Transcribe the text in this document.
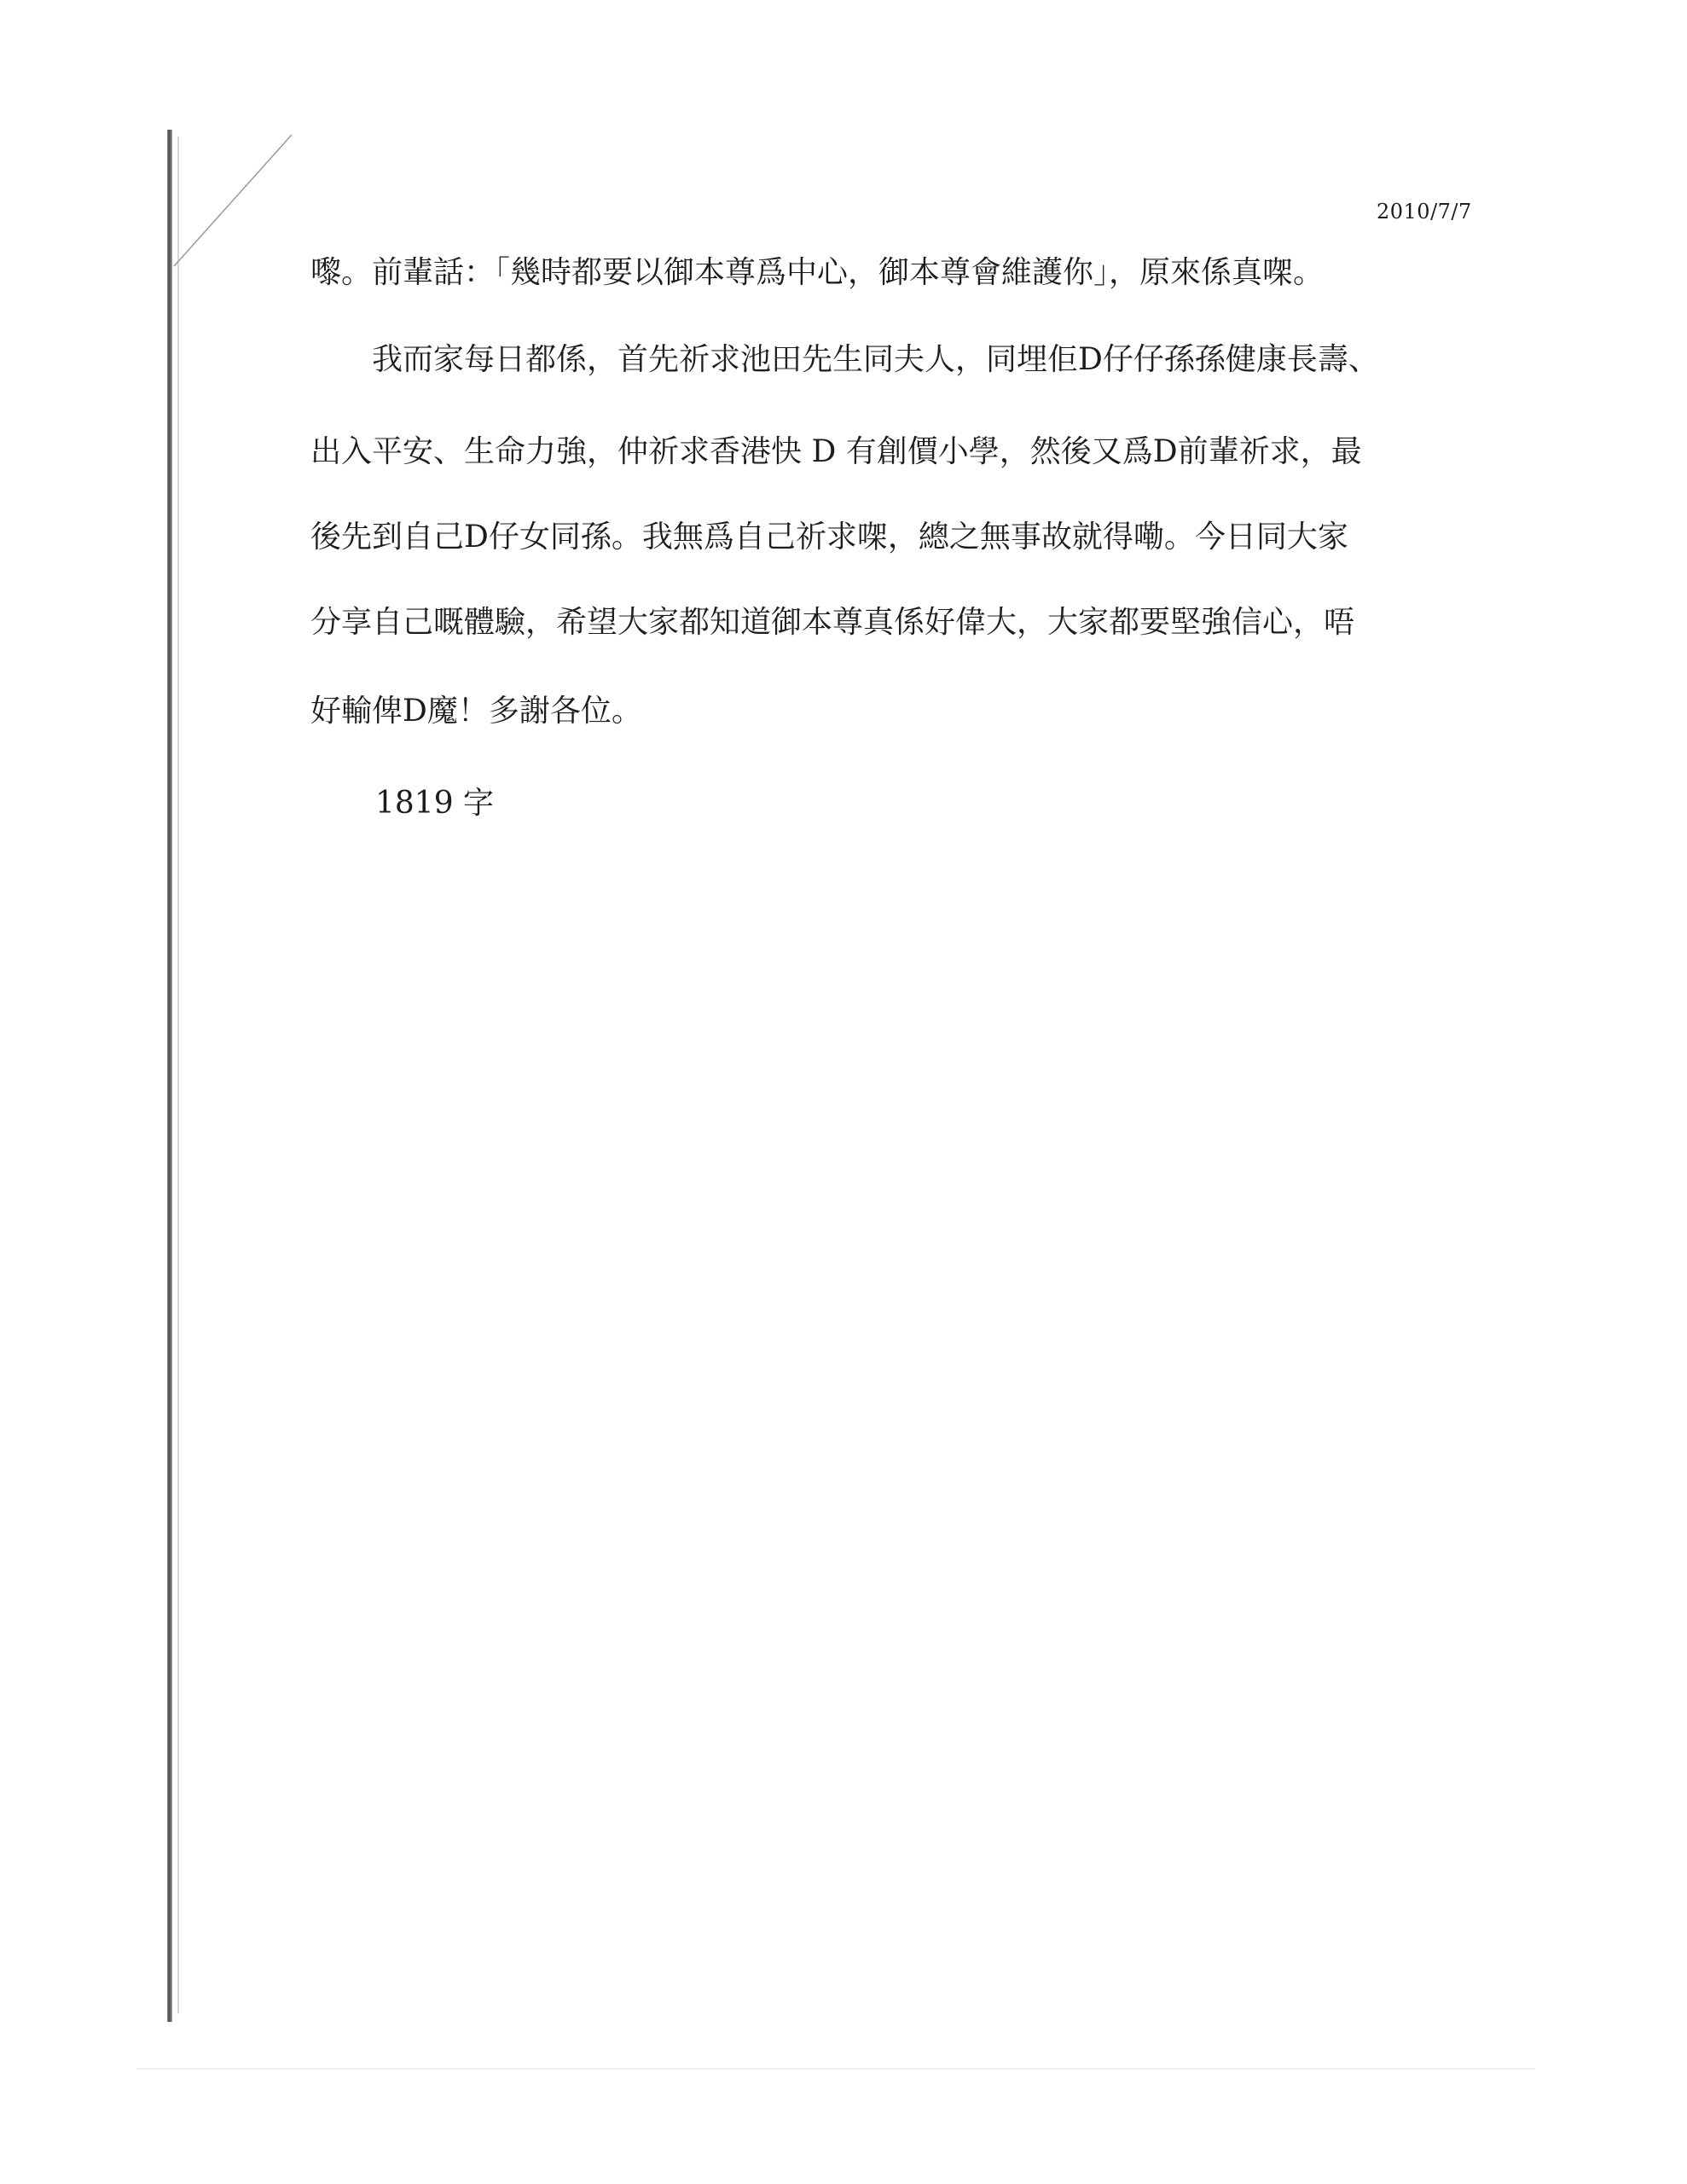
2010/7/7
嚟。前輩話：「幾時都要以御本尊爲中心，御本尊會維護你」，原來係真㗎。
　　我而家每日都係，首先祈求池田先生同夫人，同埋佢D仔仔孫孫健康長壽、
出入平安、生命力強，仲祈求香港快 D 有創價小學，然後又爲D前輩祈求，最
後先到自己D仔女同孫。我無爲自己祈求㗎，總之無事故就得嘞。今日同大家
分享自己嘅體驗，希望大家都知道御本尊真係好偉大，大家都要堅強信心，唔
好輸俾D魔！多謝各位。
1819 字
